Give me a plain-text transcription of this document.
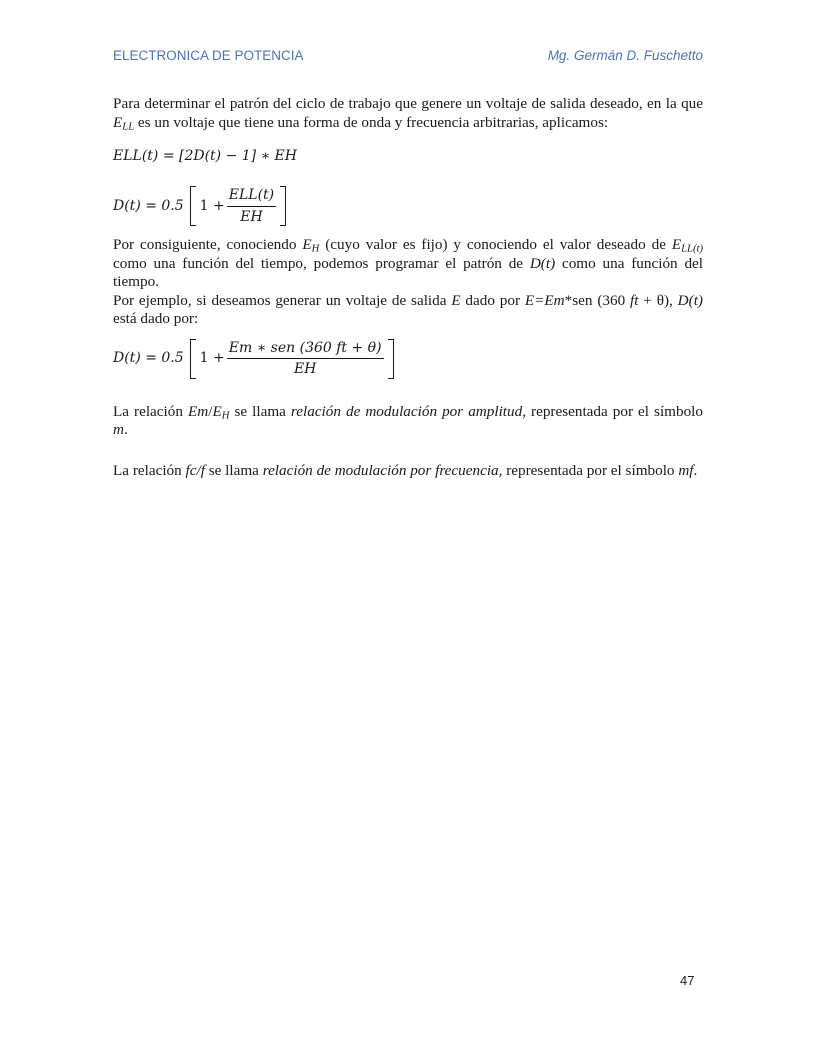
ELECTRONICA DE POTENCIA	Mg. Germán D. Fuschetto

Para determinar el patrón del ciclo de trabajo que genere un voltaje de salida deseado, en la que $E_{LL}$ es un voltaje que tiene una forma de onda y frecuencia arbitrarias, aplicamos:

ELL(t) = [2D(t) − 1] ∗ EH
D(t) = 0.5 $1 + \frac{\text{ELL(t)}}{EH}$

Por consiguiente, conociendo $E_H$ (cuyo valor es fijo) y conociendo el valor deseado de $E_{LL(t)}$ como una función del tiempo, podemos programar el patrón de D(t) como una función del tiempo.

Por ejemplo, si deseamos generar un voltaje de salida E dado por E=Em*sen (360 ft + θ), D(t) está dado por:

D(t) = 0.5 $1 + \frac{\text{Em ∗ sen (360 ft + θ)}}{EH}$

La relación $Em/E_H$ se llama relación de modulación por amplitud, representada por el símbolo m.

La relación fc/f se llama relación de modulación por frecuencia, representada por el símbolo mf.

47
